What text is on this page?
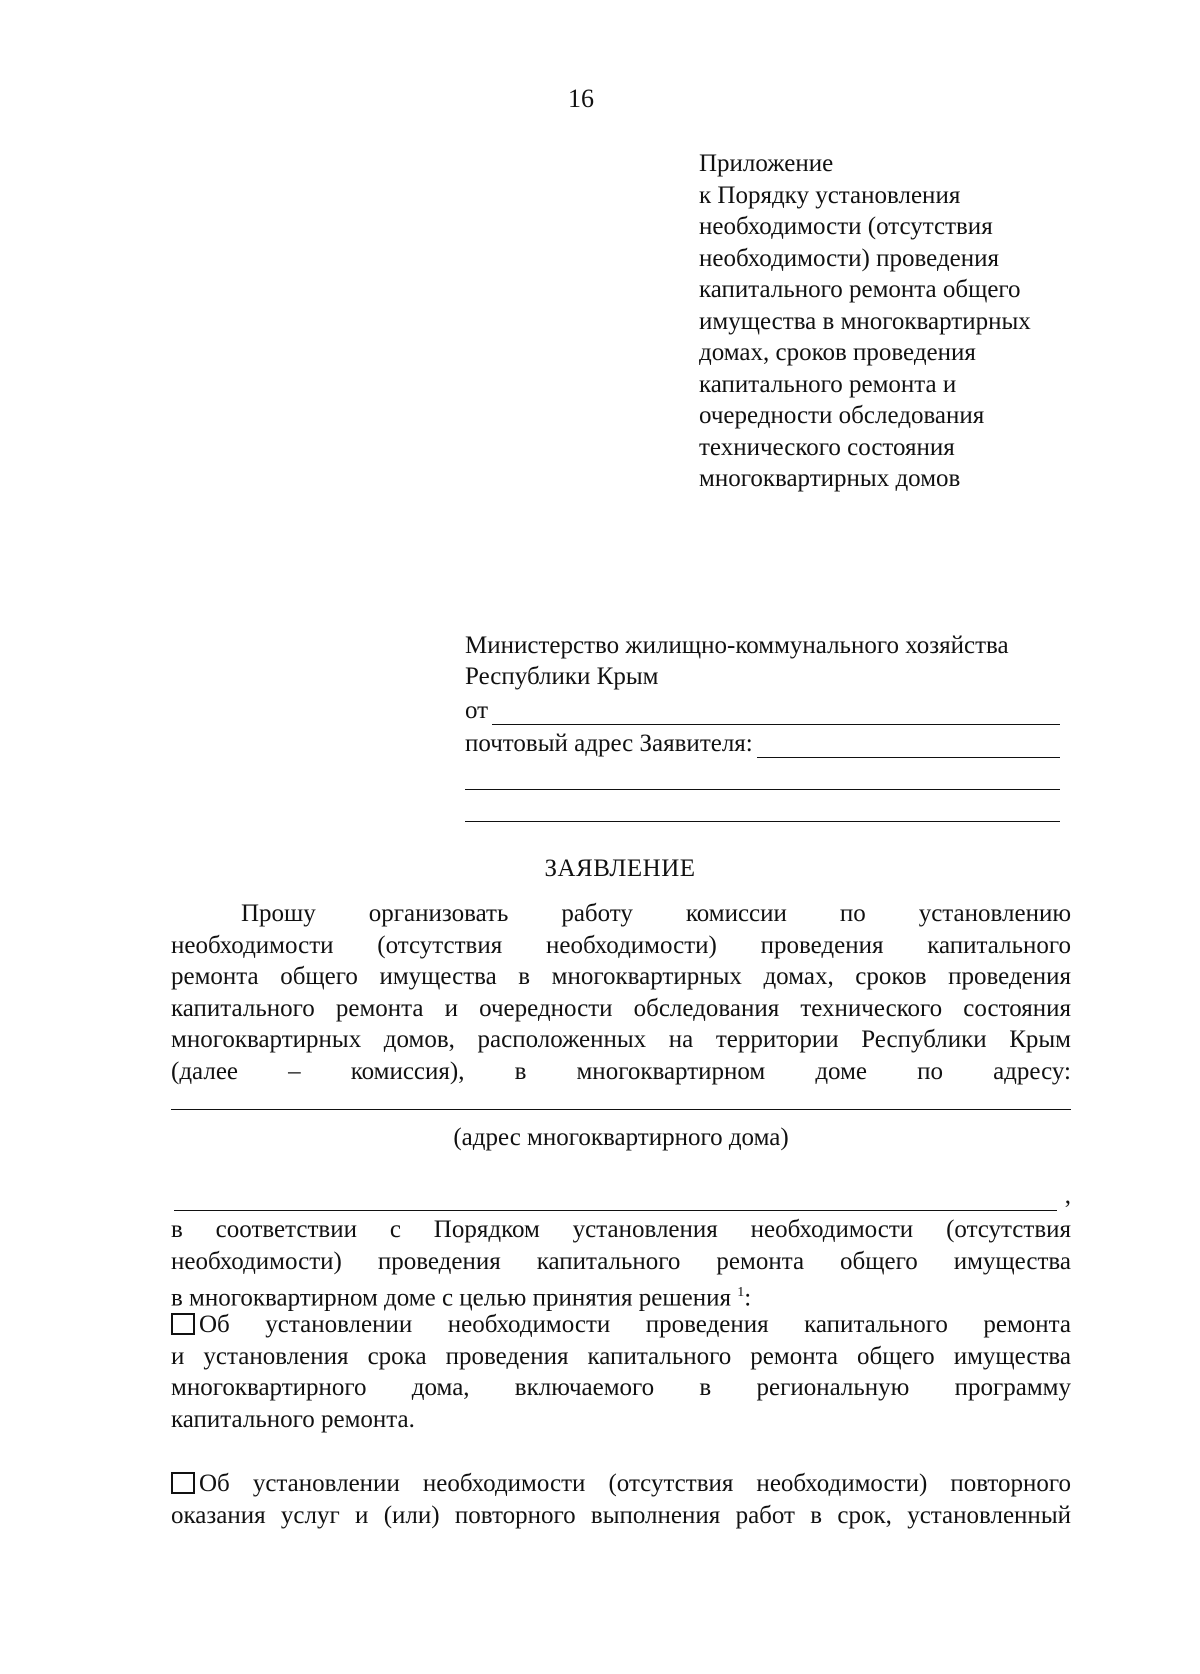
16
Приложение
к Порядку установления
необходимости (отсутствия
необходимости) проведения
капитального ремонта общего
имущества в многоквартирных
домах, сроков проведения
капитального ремонта и
очередности обследования
технического состояния
многоквартирных домов
Министерство жилищно-коммунального хозяйства
Республики Крым
от
почтовый адрес Заявителя:
ЗАЯВЛЕНИЕ
Прошу организовать работу комиссии по установлению
необходимости (отсутствия необходимости) проведения капитального
ремонта общего имущества в многоквартирных домах, сроков проведения
капитального ремонта и очередности обследования технического состояния
многоквартирных домов, расположенных на территории Республики Крым
(далее – комиссия), в многоквартирном доме по адресу:
(адрес многоквартирного дома)
,
в соответствии с Порядком установления необходимости (отсутствия
необходимости) проведения капитального ремонта общего имущества
в многоквартирном доме с целью принятия решения $^1$:
Об установлении необходимости проведения капитального ремонта
и установления срока проведения капитального ремонта общего имущества
многоквартирного дома, включаемого в региональную программу
капитального ремонта.
Об установлении необходимости (отсутствия необходимости) повторного
оказания услуг и (или) повторного выполнения работ в срок, установленный
